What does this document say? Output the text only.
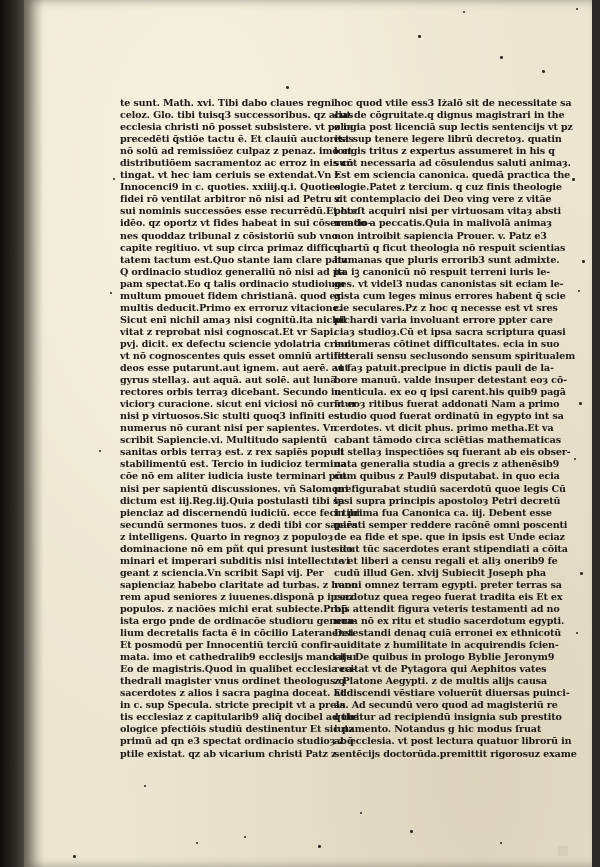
te sunt. Math. xvi. Tibi dabo claues regni
celoz. Glo. tibi tuisq3 successoribus. qz alias
ecclesia christi nō posset subsistere. vt pz in
precedēti q̄stiōe tactu ē. Et clauiū auctoritas
nō solū ad remissiōez culpaz z penaz. imo et
distributiōem sacramentoz ac erroz in eis cō
tingat. vt hec iam ceriuis se extendat.Vn z
Innocenci9 in c. quoties. xxiiij.q.i. Quoties
fidei rō ventilat arbitror nō nisi ad Petru z
sui nominis successōes esse recurrēdū.Et hoc
idēo. qz oportz vt fides habeat in sui cōseruatio-
nes quoddaz tribunal z cōsistoriū sub vno
capite regitiuo. vt sup circa primaz difficul
tatem tactum est.Quo stante iam clare patz
Q ordinacio studioz generaliū nō nisi ad pa
pam spectat.Eo q talis ordinacio studioium
multum pmouet fidem christianā. quod ex
multis deducit.Primo ex erroruz vitacione.
Sicut enī nichil amaȝ nisi cognitū.ita nichil
vitat z reprobat nisi cognoscat.Et vr Sapi.
pvj. dicit. ex defectu sciencie ydolatria creuit
vt nō cognoscentes quis esset omniū artifex
deos esse putarunt.aut ignem. aut aerē. aut
gyrus stellaȝ. aut aquā. aut solē. aut lunā
rectores orbis terraȝ dicebant. Secundo in
viciorȝ curacione. sicut eni viciosi nō curātur
nisi p virtuosos.Sic stulti quoq3 infiniti est
numerus nō curant nisi per sapientes. Vn
scribit Sapiencie.vi. Multitudo sapientū
sanitas orbis terraȝ est. z rex sapiēs populi
stabilimentū est. Tercio in iudicioz termina
cōe nō em aliter iudicia iuste terminari pñt
nisi per sapientū discussiones. vñ Salomoni
dictum est iij.Reg.iij.Quia postulasti tibi sa
pienciaz ad discernendū iudiciū. ecce feci tibi
secundū sermones tuos. z dedi tibi cor sapiēs
z intelligens. Quarto in regnoȝ z populoȝ
dominacione nō em pñt qui presunt iuste do
minari et imperari subditis nisi intellectu vi
geant z sciencia.Vn scribit Sapi vij. Per
sapienciaz habebo claritate ad turbas. z hono
rem apud seniores z iuuenes.disponā p ipsaz
populos. z naciōes michi erat subiecte.Prop̄
ista ergo pnde de ordinacōe studioru genera-
lium decretalis facta ē in cōcilio Lateranensi
Et posmodū per Innocentiū terciū confir-
mata. imo et cathedralib9 ecclesijs mandatur
Eo de magistris.Quod in qualibet ecclesia ca-
thedrali magister vnus ordinet theologus q
sacerdotes z alios i sacra pagina doceat. Et
in c. sup Specula. stricte precipit vt a prela
tis ecclesiaz z capitularib9 aliq̄ docibel ad the
ologice pfectiōis studiū destinentur Et sic pz
primū ad qn e3 spectat ordinacio studioȝ z q̄
ptile existat. qz ab vicarium christi Patz z
hoc quod vtile ess3 Iżalō sit de necessitate sa
cut de cōgruitate.q dignus magistrari in the
ologia post licenciā sup lectis sentencijs vt pz
est sup tenere legere librū decretoȝ. quatin
longis tritus z expertus assumeret in his q
sunt necessaria ad cōsulendus saluti animaȝ.
Est em sciencia canonica. quedā practica the
ologie.Patet z tercium. q cuz finis theologie
sit contemplacio dei Deo ving vere z vitāe
poteſt acquiri nisi per virtuosam vitaȝ absti
nendo a peccatis.Quia in malivolā animaȝ
non introibit sapiencia Prouer. v. Patz e3
quartū q ficut theologia nō respuit scientias
humanas que pluris errorib3 sunt admixte.
ita iꝫ canonicū nō respuit terreni iuris le-
ges. vt videl3 nudas canonistas sit eciam le-
gista cum leges minus errores habent q̄ scie
cie seculares.Pz z hoc q necesse est vt sres
pichardi varia involuant errore ppter care
ciaȝ studioȝ.Cū et ipsa sacra scriptura quasi
innumeras cōtinet difficultates. ecia in suo
litterali sensu seclusondo sensum spiritualem
vt faȝ patuit.precipue in dictis pauli de la-
bore manuū. valde insuper detestant eoȝ cō-
uenticula. ex eo q ipsi carent.his quib9 pagā
in eoȝ ritibus fuerat addonati Nam a primo
studio quod fuerat ordinatū in egypto int sa
cerdotes. vt dicit phus. primo metha.Et va
cabant tāmodo circa sciētias mathematicas
et stellaȝ inspectiōes sq fuerant ab eis obser-
uata generalia studia a grecis z athenēsib9
cum quibus z Paul9 disputabat. in quo ecia
prefigurabat studiū sacerdotū quoe legis Cū
ipsi supra principis apostoloȝ Petri decretū
in prima fua Canonica ca. iij. Debent esse
parati semper reddere racōnē omni poscenti
de ea fide et spe. que in ipsis est Unde eciaz
sicut tūc sacerdotes erant stipendiati a cōita
te et liberi a censu regali et aliȝ onerib9 fe
cudū illud Gen. xlvij Subiecit Joseph pha
raoni omnez terram egypti. preter terras sa
cerdotuz quea regeo fuerat tradita eis Et ex
his attendit figura veteris testamenti ad no
uum nō ex ritu et studio sacerdotum egypti.
Detestandi denaq cuiā erronei ex ethnicotū
auiditate z humilitate in acquirendis ſcien-
cijs De quibus in prologo Byblie Jeronym9
recitat vt de Pytagora qui Aephitos vates
z Platone Aegypti. z de multis alijs causa
addiscendi vēstiare voluerūt diuersas puinci-
as. Ad secundū vero quod ad magisteriū re
quiritur ad recipiendū insignia sub prestito
iutamento. Notandus g hic modus ſruat
ab ecclesia. vt post lectura quatuor librorū in
sentēcijs doctorūda.premittit rigorosuz exame
